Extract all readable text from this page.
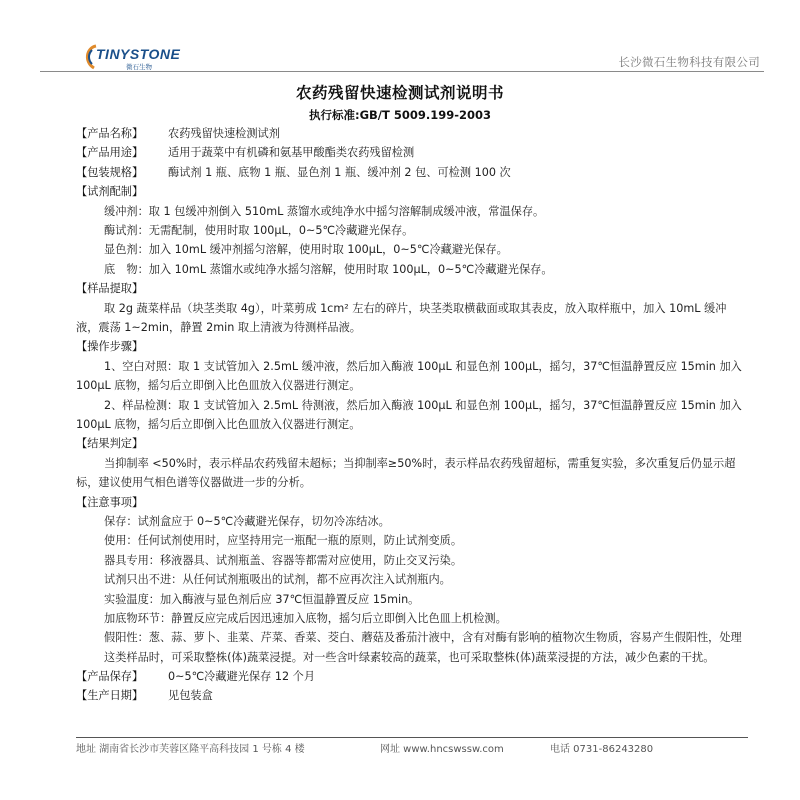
TINYSTONE
微石生物	长沙微石生物科技有限公司
农药残留快速检测试剂说明书
执行标准:GB/T 5009.199-2003
【产品名称】 农药残留快速检测试剂
【产品用途】 适用于蔬菜中有机磷和氨基甲酸酯类农药残留检测
【包装规格】 酶试剂 1 瓶、底物 1 瓶、显色剂 1 瓶、缓冲剂 2 包、可检测 100 次
【试剂配制】
缓冲剂：取 1 包缓冲剂倒入 510mL 蒸馏水或纯净水中摇匀溶解制成缓冲液，常温保存。
酶试剂：无需配制，使用时取 100μL，0~5℃冷藏避光保存。
显色剂：加入 10mL 缓冲剂摇匀溶解，使用时取 100μL，0~5℃冷藏避光保存。
底　物：加入 10mL 蒸馏水或纯净水摇匀溶解，使用时取 100μL，0~5℃冷藏避光保存。
【样品提取】
取 2g 蔬菜样品（块茎类取 4g），叶菜剪成 1cm² 左右的碎片，块茎类取横截面或取其表皮，放入取样瓶中，加入 10mL 缓冲液，震荡 1~2min，静置 2min 取上清液为待测样品液。
【操作步骤】
1、空白对照：取 1 支试管加入 2.5mL 缓冲液，然后加入酶液 100μL 和显色剂 100μL，摇匀，37℃恒温静置反应 15min 加入 100μL 底物，摇匀后立即倒入比色皿放入仪器进行测定。
2、样品检测：取 1 支试管加入 2.5mL 待测液，然后加入酶液 100μL 和显色剂 100μL，摇匀，37℃恒温静置反应 15min 加入 100μL 底物，摇匀后立即倒入比色皿放入仪器进行测定。
【结果判定】
当抑制率 <50%时，表示样品农药残留未超标；当抑制率≥50%时，表示样品农药残留超标，需重复实验，多次重复后仍显示超标，建议使用气相色谱等仪器做进一步的分析。
【注意事项】
保存：试剂盒应于 0~5℃冷藏避光保存，切勿冷冻结冰。
使用：任何试剂使用时，应坚持用完一瓶配一瓶的原则，防止试剂变质。
器具专用：移液器具、试剂瓶盖、容器等都需对应使用，防止交叉污染。
试剂只出不进：从任何试剂瓶吸出的试剂，都不应再次注入试剂瓶内。
实验温度：加入酶液与显色剂后应 37℃恒温静置反应 15min。
加底物环节：静置反应完成后因迅速加入底物，摇匀后立即倒入比色皿上机检测。
假阳性：葱、蒜、萝卜、韭菜、芹菜、香菜、茭白、蘑菇及番茄汁液中，含有对酶有影响的植物次生物质，容易产生假阳性，处理这类样品时，可采取整株(体)蔬菜浸提。对一些含叶绿素较高的蔬菜，也可采取整株(体)蔬菜浸提的方法，减少色素的干扰。
【产品保存】 0~5℃冷藏避光保存 12 个月
【生产日期】 见包装盒
地址 湖南省长沙市芙蓉区隆平高科技园 1 号栋 4 楼	网址 www.hncswssw.com	电话 0731-86243280
